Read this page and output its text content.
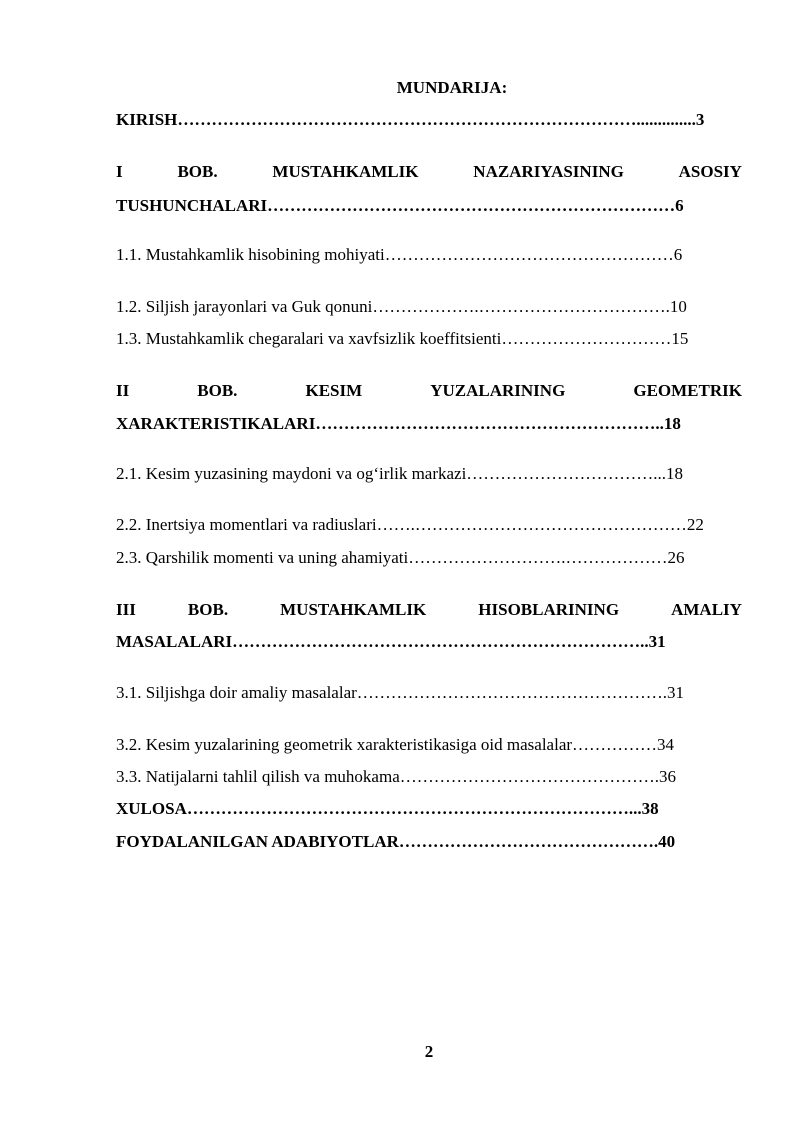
MUNDARIJA:
KIRISH………………………………………………………………………..............3
I	BOB.	MUSTAHKAMLIK	NAZARIYASINING	ASOSIY
TUSHUNCHALARI………………………………………………………………6
1.1. Mustahkamlik hisobining mohiyati……………………………………………6
1.2. Siljish jarayonlari va Guk qonuni……………….…………………………….10
1.3. Mustahkamlik chegaralari va xavfsizlik koeffitsienti…………………………15
II	BOB.	KESIM	YUZALARINING	GEOMETRIK
XARAKTERISTIKALARI……………………………………………………..18
2.1. Kesim yuzasining maydoni va og‘irlik markazi……………………………...18
2.2. Inertsiya momentlari va radiuslari…….…………………………………………22
2.3. Qarshilik momenti va uning ahamiyati……………………….………………26
III	BOB.	MUSTAHKAMLIK	HISOBLARINING	AMALIY
MASALALARI………………………………………………………………..31
3.1. Siljishga doir amaliy masalalar……………………………………………….31
3.2. Kesim yuzalarining geometrik xarakteristikasiga oid masalalar……………34
3.3. Natijalarni tahlil qilish va muhokama……………………………………….36
XULOSA……………………………………………………………………...38
FOYDALANILGAN ADABIYOTLAR……………………………………….40
2
